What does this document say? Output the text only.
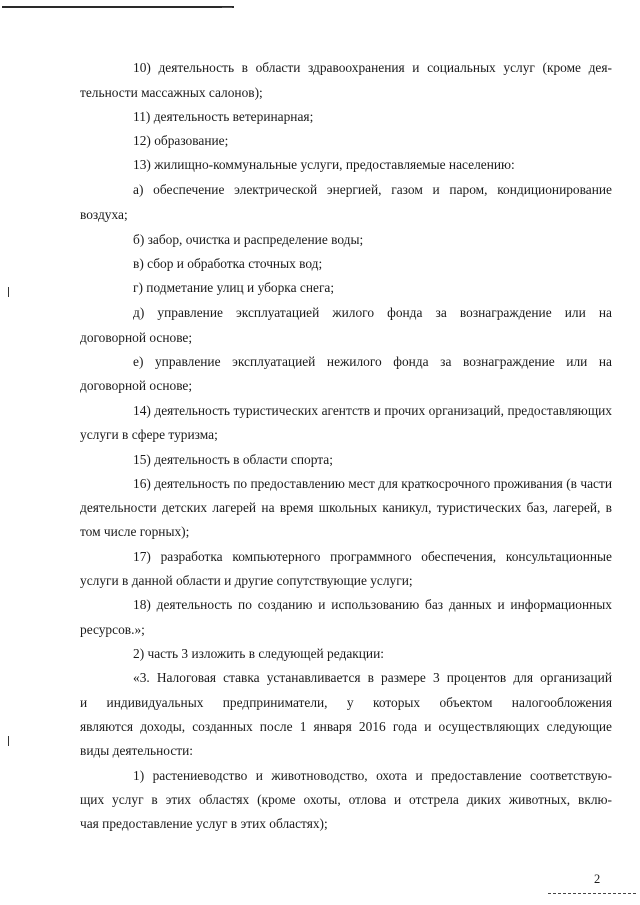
10) деятельность в области здравоохранения и социальных услуг (кроме дея-
тельности массажных салонов);
11) деятельность ветеринарная;
12) образование;
13) жилищно-коммунальные услуги, предоставляемые населению:
а) обеспечение электрической энергией, газом и паром, кондиционирование
воздуха;
б) забор, очистка и распределение воды;
в) сбор и обработка сточных вод;
г) подметание улиц и уборка снега;
д) управление эксплуатацией жилого фонда за вознаграждение или на
договорной основе;
е) управление эксплуатацией нежилого фонда за вознаграждение или на
договорной основе;
14) деятельность туристических агентств и прочих организаций, предоставляющих
услуги в сфере туризма;
15) деятельность в области спорта;
16) деятельность по предоставлению мест для краткосрочного проживания (в части
деятельности детских лагерей на время школьных каникул, туристических баз, лагерей, в
том числе горных);
17) разработка компьютерного программного обеспечения, консультационные
услуги в данной области и другие сопутствующие услуги;
18) деятельность по созданию и использованию баз данных и информационных
ресурсов.»;
2) часть 3 изложить в следующей редакции:
«3. Налоговая ставка устанавливается в размере 3 процентов для организаций
и индивидуальных предприниматели, у которых объектом налогообложения
являются доходы, созданных после 1 января 2016 года и осуществляющих следующие
виды деятельности:
1) растениеводство и животноводство, охота и предоставление соответствую-
щих услуг в этих областях (кроме охоты, отлова и отстрела диких животных, вклю-
чая предоставление услуг в этих областях);
2
